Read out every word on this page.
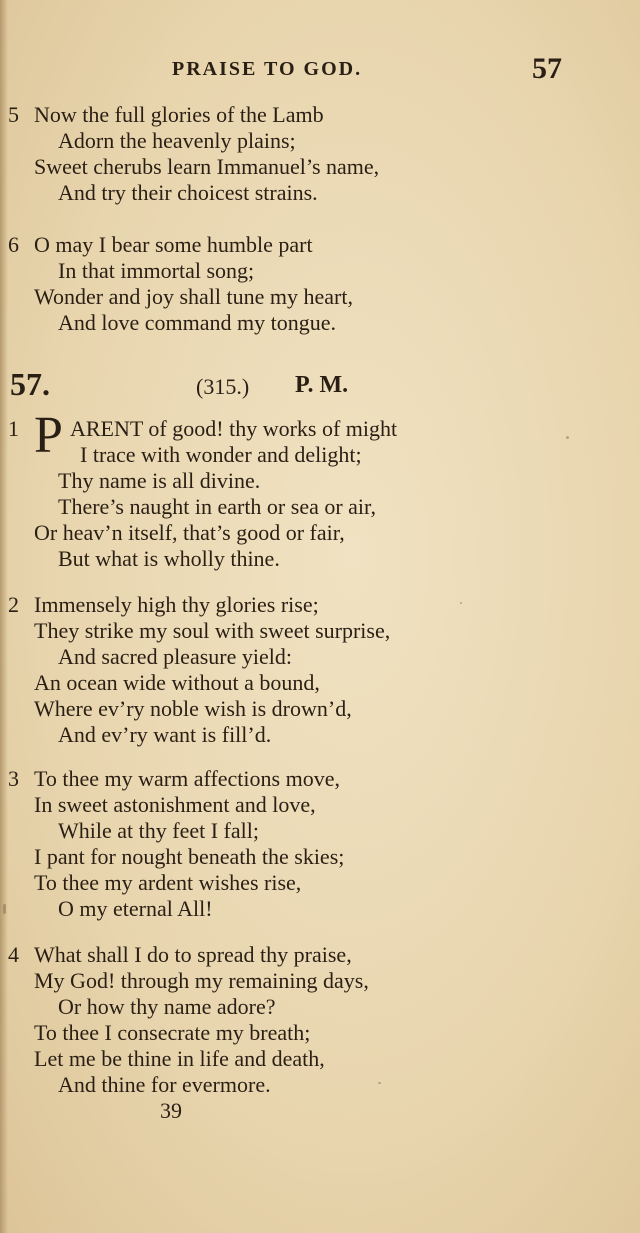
PRAISE TO GOD.	57
5 Now the full glories of the Lamb
Adorn the heavenly plains;
Sweet cherubs learn Immanuel’s name,
And try their choicest strains.
6 O may I bear some humble part
In that immortal song;
Wonder and joy shall tune my heart,
And love command my tongue.
57.	(315.) P. M.
1 P ARENT of good! thy works of might
I trace with wonder and delight;
Thy name is all divine.
There’s naught in earth or sea or air,
Or heav’n itself, that’s good or fair,
But what is wholly thine.
2 Immensely high thy glories rise;
They strike my soul with sweet surprise,
And sacred pleasure yield:
An ocean wide without a bound,
Where ev’ry noble wish is drown’d,
And ev’ry want is fill’d.
3 To thee my warm affections move,
In sweet astonishment and love,
While at thy feet I fall;
I pant for nought beneath the skies;
To thee my ardent wishes rise,
O my eternal All!
4 What shall I do to spread thy praise,
My God! through my remaining days,
Or how thy name adore?
To thee I consecrate my breath;
Let me be thine in life and death,
And thine for evermore.
39
